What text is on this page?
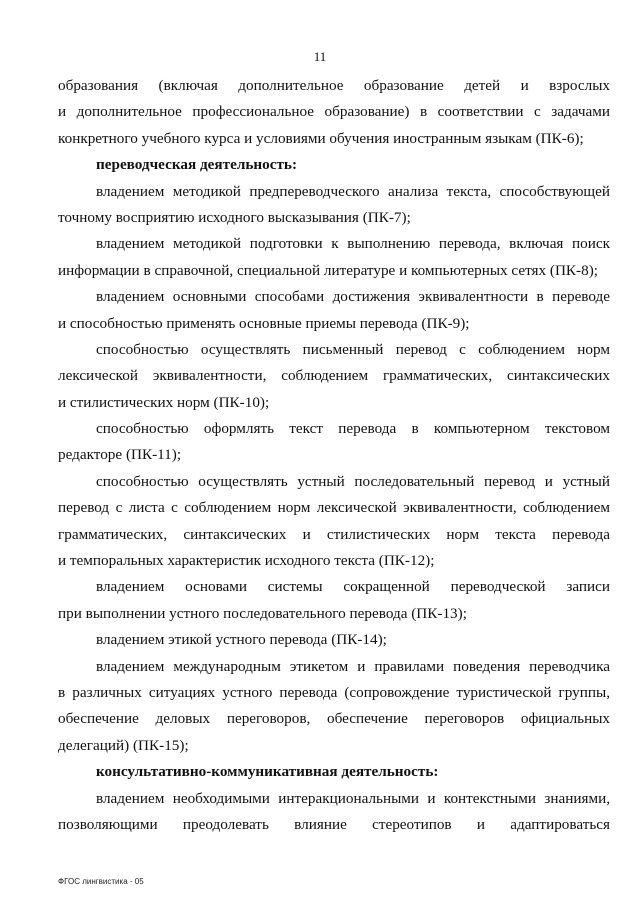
11
образования (включая дополнительное образование детей и взрослых
и дополнительное профессиональное образование) в соответствии с задачами
конкретного учебного курса и условиями обучения иностранным языкам (ПК-6);
переводческая деятельность:
владением методикой предпереводческого анализа текста, способствующей
точному восприятию исходного высказывания (ПК-7);
владением методикой подготовки к выполнению перевода, включая поиск
информации в справочной, специальной литературе и компьютерных сетях (ПК-8);
владением основными способами достижения эквивалентности в переводе
и способностью применять основные приемы перевода (ПК-9);
способностью осуществлять письменный перевод с соблюдением норм
лексической эквивалентности, соблюдением грамматических, синтаксических
и стилистических норм (ПК-10);
способностью оформлять текст перевода в компьютерном текстовом
редакторе (ПК-11);
способностью осуществлять устный последовательный перевод и устный
перевод с листа с соблюдением норм лексической эквивалентности, соблюдением
грамматических, синтаксических и стилистических норм текста перевода
и темпоральных характеристик исходного текста (ПК-12);
владением основами системы сокращенной переводческой записи
при выполнении устного последовательного перевода (ПК-13);
владением этикой устного перевода (ПК-14);
владением международным этикетом и правилами поведения переводчика
в различных ситуациях устного перевода (сопровождение туристической группы,
обеспечение деловых переговоров, обеспечение переговоров официальных
делегаций) (ПК-15);
консультативно-коммуникативная деятельность:
владением необходимыми интеракциональными и контекстными знаниями,
позволяющими преодолевать влияние стереотипов и адаптироваться
ФГОС лингвистика - 05
